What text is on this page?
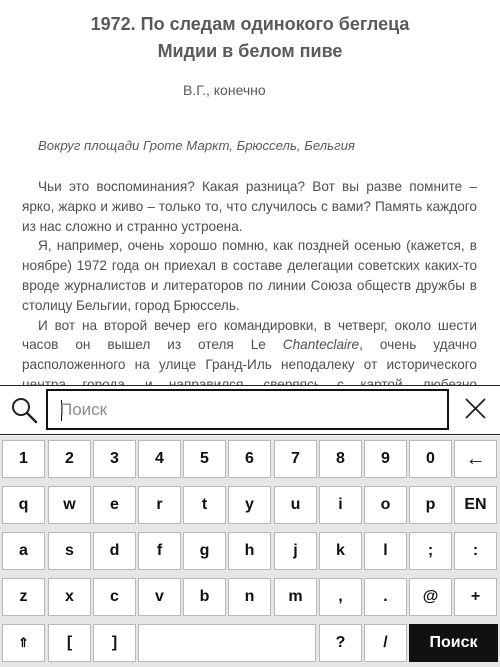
1972. По следам одинокого беглеца
Мидии в белом пиве
В.Г., конечно
Вокруг площади Гроте Маркт, Брюссель, Бельгия

Чьи это воспоминания? Какая разница? Вот вы разве помните – ярко, жарко и живо – только то, что случилось с вами? Память каждого из нас сложно и странно устроена.

Я, например, очень хорошо помню, как поздней осенью (кажется, в ноябре) 1972 года он приехал в составе делегации советских каких-то вроде журналистов и литераторов по линии Союза обществ дружбы в столицу Бельгии, город Брюссель.

И вот на второй вечер его командировки, в четверг, около шести часов он вышел из отеля Le Chanteclaire, очень удачно расположенного на улице Гранд-Иль неподалеку от исторического

Поиск
1	2	3	4	5	6	7	8	9	0	←
q	w	e	r	t	y	u	i	o	p	EN
a	s	d	f	g	h	j	k	l	;	:
z	x	c	v	b	n	m	,	.	@	+
⇑	[	]	?	/	Поиск
